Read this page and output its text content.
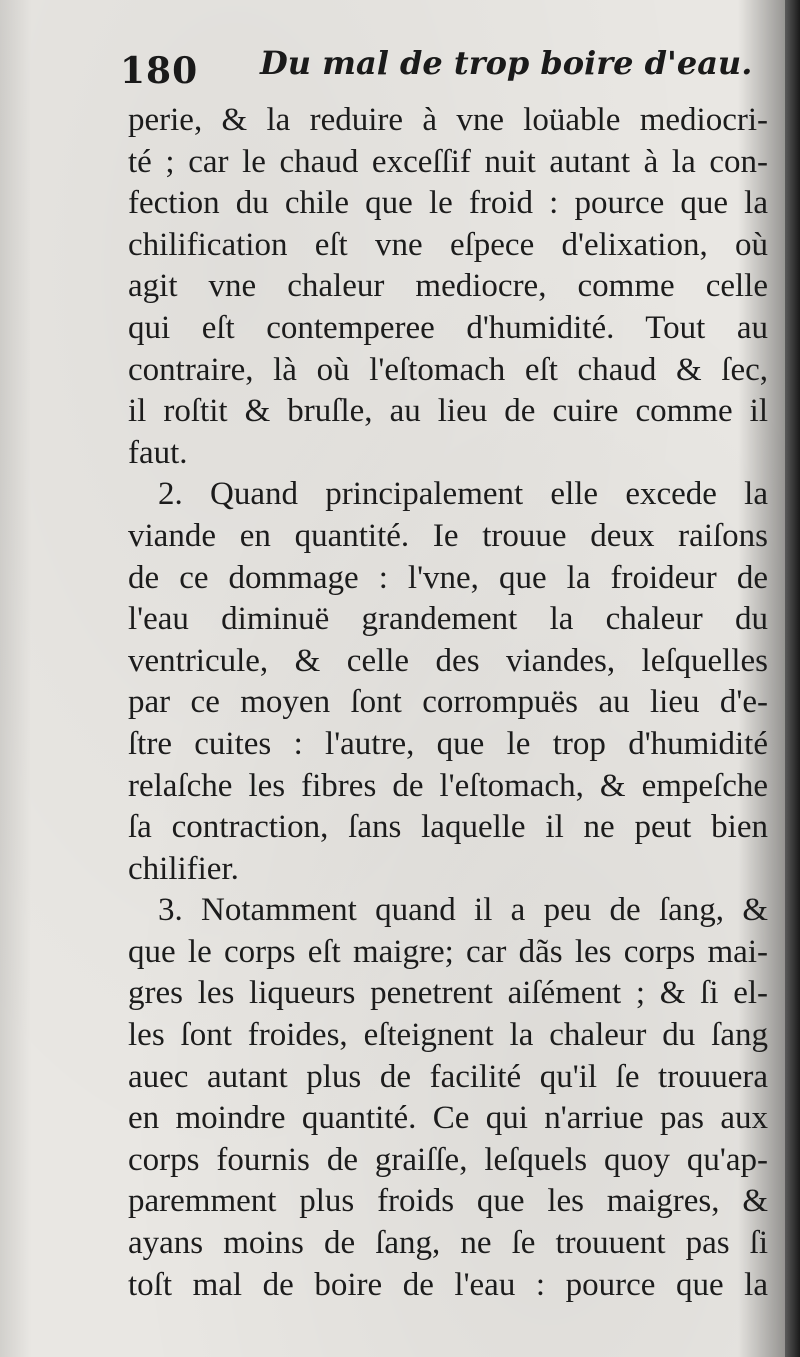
180 Du mal de trop boire d'eau.
perie, & la reduire à vne loüable mediocri-
té ; car le chaud exceſſif nuit autant à la con-
fection du chile que le froid : pource que la
chilification eſt vne eſpece d'elixation, où
agit vne chaleur mediocre, comme celle
qui eſt contemperee d'humidité. Tout au
contraire, là où l'eſtomach eſt chaud & ſec,
il roſtit & bruſle, au lieu de cuire comme il
faut.
2. Quand principalement elle excede la
viande en quantité. Ie trouue deux raiſons
de ce dommage : l'vne, que la froideur de
l'eau diminuë grandement la chaleur du
ventricule, & celle des viandes, leſquelles
par ce moyen ſont corrompuës au lieu d'e-
ſtre cuites : l'autre, que le trop d'humidité
relaſche les fibres de l'eſtomach, & empeſche
ſa contraction, ſans laquelle il ne peut bien
chilifier.
3. Notamment quand il a peu de ſang, &
que le corps eſt maigre; car dãs les corps mai-
gres les liqueurs penetrent aiſément ; & ſi el-
les ſont froides, eſteignent la chaleur du ſang
auec autant plus de facilité qu'il ſe trouuera
en moindre quantité. Ce qui n'arriue pas aux
corps fournis de graiſſe, leſquels quoy qu'ap-
paremment plus froids que les maigres, &
ayans moins de ſang, ne ſe trouuent pas ſi
toſt mal de boire de l'eau : pource que la
